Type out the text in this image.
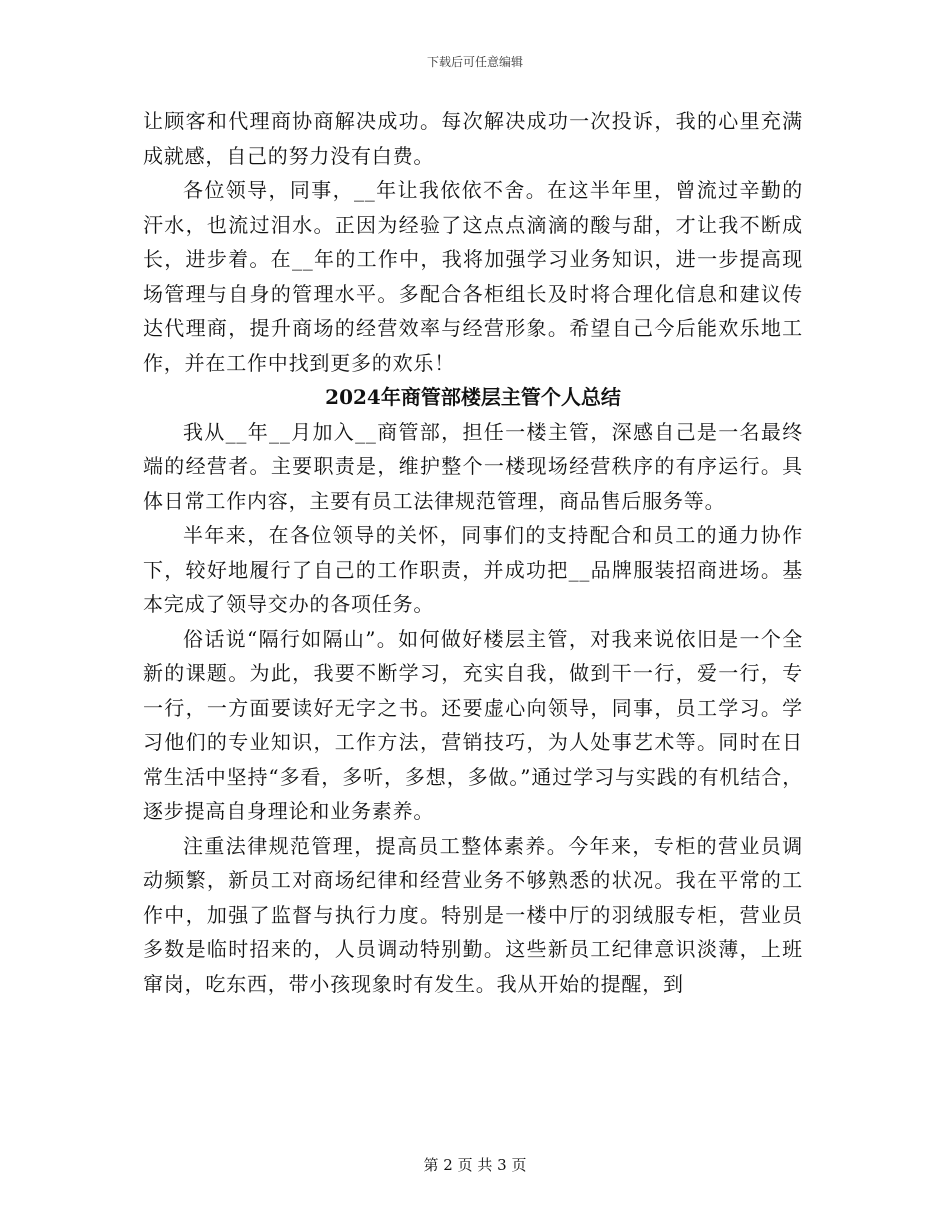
下载后可任意编辑

让顾客和代理商协商解决成功。每次解决成功一次投诉，我的心里充满成就感，自己的努力没有白费。

各位领导，同事，__年让我依依不舍。在这半年里，曾流过辛勤的汗水，也流过泪水。正因为经验了这点点滴滴的酸与甜，才让我不断成长，进步着。在__年的工作中，我将加强学习业务知识，进一步提高现场管理与自身的管理水平。多配合各柜组长及时将合理化信息和建议传达代理商，提升商场的经营效率与经营形象。希望自己今后能欢乐地工作，并在工作中找到更多的欢乐！

2024年商管部楼层主管个人总结

我从__年__月加入__商管部，担任一楼主管，深感自己是一名最终端的经营者。主要职责是，维护整个一楼现场经营秩序的有序运行。具体日常工作内容，主要有员工法律规范管理，商品售后服务等。

半年来，在各位领导的关怀，同事们的支持配合和员工的通力协作下，较好地履行了自己的工作职责，并成功把__品牌服装招商进场。基本完成了领导交办的各项任务。

俗话说“隔行如隔山”。如何做好楼层主管，对我来说依旧是一个全新的课题。为此，我要不断学习，充实自我，做到干一行，爱一行，专一行，一方面要读好无字之书。还要虚心向领导，同事，员工学习。学习他们的专业知识，工作方法，营销技巧，为人处事艺术等。同时在日常生活中坚持“多看，多听，多想，多做。”通过学习与实践的有机结合，逐步提高自身理论和业务素养。

注重法律规范管理，提高员工整体素养。今年来，专柜的营业员调动频繁，新员工对商场纪律和经营业务不够熟悉的状况。我在平常的工作中，加强了监督与执行力度。特别是一楼中厅的羽绒服专柜，营业员多数是临时招来的，人员调动特别勤。这些新员工纪律意识淡薄，上班窜岗，吃东西，带小孩现象时有发生。我从开始的提醒，到

第 2 页 共 3 页
